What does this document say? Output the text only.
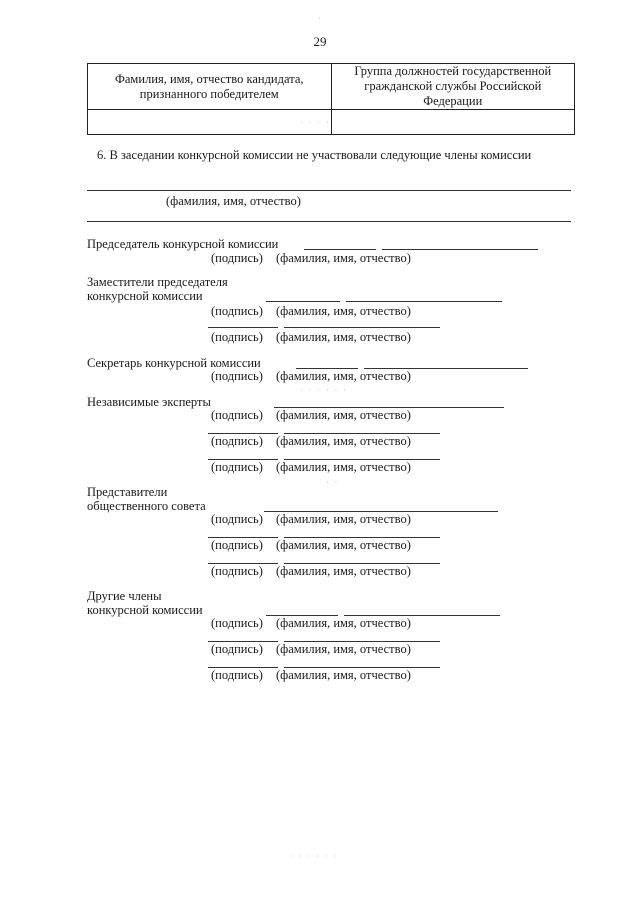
29
Фамилия, имя, отчество кандидата, признанного победителем	Группа должностей государственной гражданской службы Российской Федерации

6. В заседании конкурсной комиссии не участвовали следующие члены комиссии
(фамилия, имя, отчество)
Председатель конкурсной комиссии
(подпись) (фамилия, имя, отчество)
Заместители председателя
конкурсной комиссии
(подпись) (фамилия, имя, отчество)
(подпись) (фамилия, имя, отчество)
Секретарь конкурсной комиссии
(подпись) (фамилия, имя, отчество)
Независимые эксперты
(подпись) (фамилия, имя, отчество)
(подпись) (фамилия, имя, отчество)
(подпись) (фамилия, имя, отчество)
Представители
общественного совета
(подпись) (фамилия, имя, отчество)
(подпись) (фамилия, имя, отчество)
(подпись) (фамилия, имя, отчество)
Другие члены
конкурсной комиссии
(подпись) (фамилия, имя, отчество)
(подпись) (фамилия, имя, отчество)
(подпись) (фамилия, имя, отчество)
·
· · · ·
· · · · · ·
· ·
· · · · · ·
